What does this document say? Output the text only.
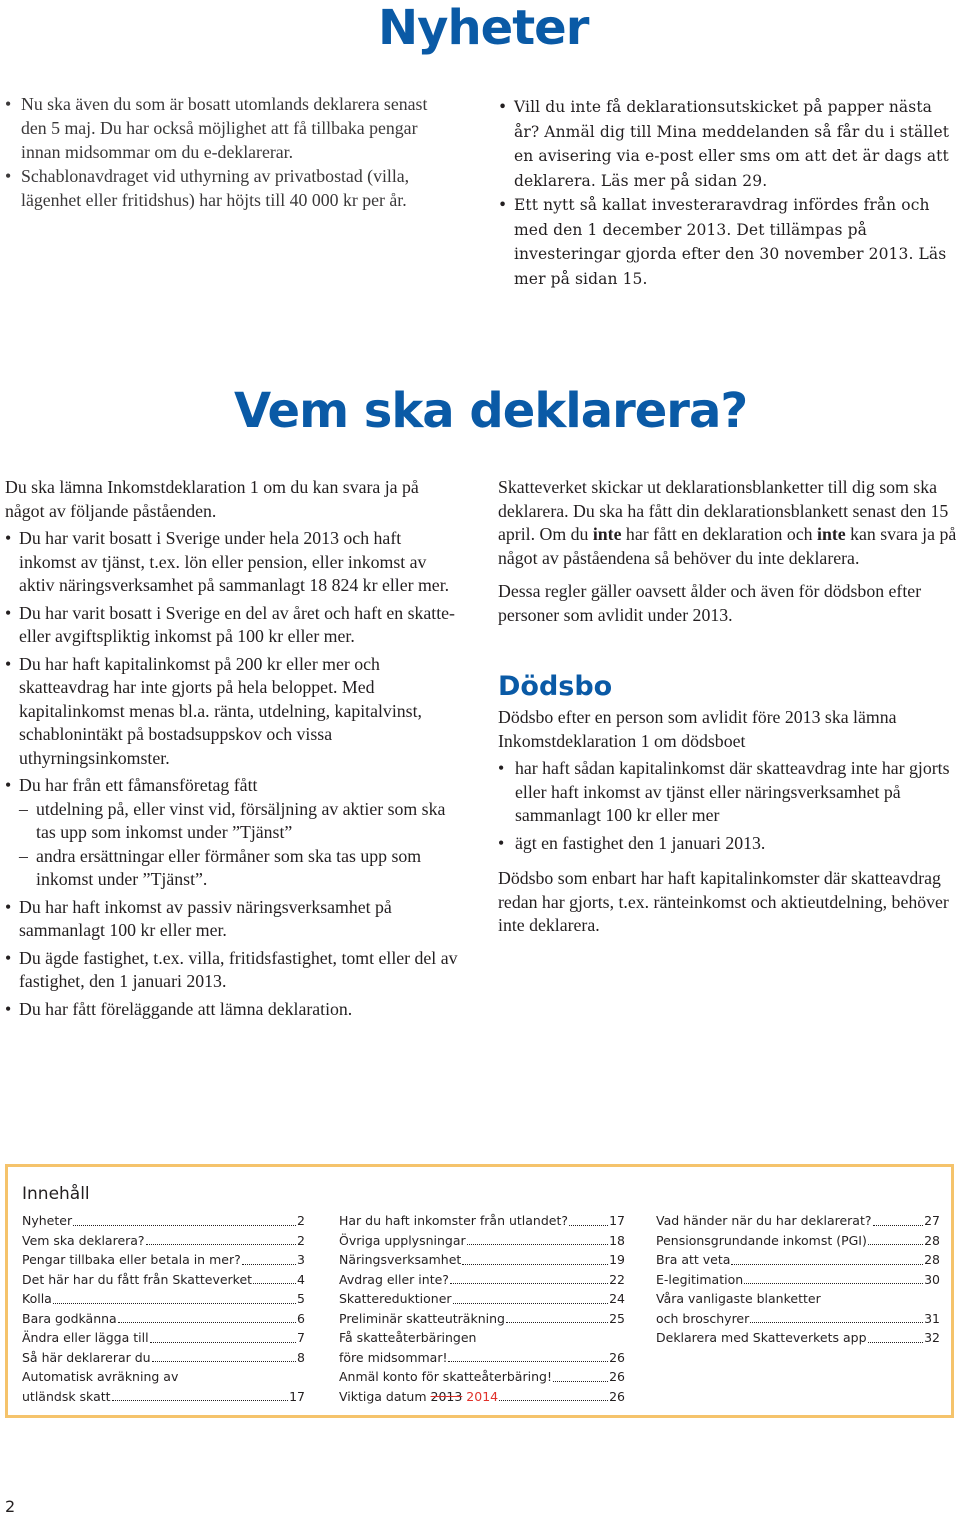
Nyheter
• Nu ska även du som är bosatt utomlands deklarera senast den 5 maj. Du har också möjlighet att få tillbaka pengar innan midsommar om du e-deklarerar.
• Schablonavdraget vid uthyrning av privatbostad (villa, lägenhet eller fritidshus) har höjts till 40 000 kr per år.
• Vill du inte få deklarationsutskicket på papper nästa år? Anmäl dig till Mina meddelanden så får du i stället en avisering via e-post eller sms om att det är dags att deklarera. Läs mer på sidan 29.
• Ett nytt så kallat investeraravdrag infördes från och med den 1 december 2013. Det tillämpas på investeringar gjorda efter den 30 november 2013. Läs mer på sidan 15.
Vem ska deklarera?

Du ska lämna Inkomstdeklaration 1 om du kan svara ja på något av följande påståenden.

• Du har varit bosatt i Sverige under hela 2013 och haft inkomst av tjänst, t.ex. lön eller pension, eller inkomst av aktiv näringsverksamhet på sammanlagt 18 824 kr eller mer.
• Du har varit bosatt i Sverige en del av året och haft en skatte- eller avgiftspliktig inkomst på 100 kr eller mer.
• Du har haft kapitalinkomst på 200 kr eller mer och skatteavdrag har inte gjorts på hela beloppet. Med kapitalinkomst menas bl.a. ränta, utdelning, kapitalvinst, schablonintäkt på bostadsuppskov och vissa uthyrningsinkomster.
• Du har från ett fåmansföretag fått
– utdelning på, eller vinst vid, försäljning av aktier som ska tas upp som inkomst under ”Tjänst”
– andra ersättningar eller förmåner som ska tas upp som inkomst under ”Tjänst”.
• Du har haft inkomst av passiv näringsverksamhet på sammanlagt 100 kr eller mer.
• Du ägde fastighet, t.ex. villa, fritidsfastighet, tomt eller del av fastighet, den 1 januari 2013.
• Du har fått föreläggande att lämna deklaration.

Skatteverket skickar ut deklarationsblanketter till dig som ska deklarera. Du ska ha fått din deklarationsblankett senast den 15 april. Om du inte har fått en deklaration och inte kan svara ja på något av påståendena så behöver du inte deklarera.

Dessa regler gäller oavsett ålder och även för dödsbon efter personer som avlidit under 2013.

Dödsbo

Dödsbo efter en person som avlidit före 2013 ska lämna Inkomstdeklaration 1 om dödsboet

• har haft sådan kapitalinkomst där skatteavdrag inte har gjorts eller haft inkomst av tjänst eller näringsverksamhet på sammanlagt 100 kr eller mer
• ägt en fastighet den 1 januari 2013.

Dödsbo som enbart har haft kapitalinkomster där skatteavdrag redan har gjorts, t.ex. ränteinkomst och aktieutdelning, behöver inte deklarera.

Innehåll
Nyheter	2
Vem ska deklarera?	2
Pengar tillbaka eller betala in mer?	3
Det här har du fått från Skatteverket	4
Kolla	5
Bara godkänna	6
Ändra eller lägga till	7
Så här deklarerar du	8
Automatisk avräkning av
utländsk skatt	17
Har du haft inkomster från utlandet?	17
Övriga upplysningar	18
Näringsverksamhet	19
Avdrag eller inte?	22
Skattereduktioner	24
Preliminär skatteuträkning	25
Få skatteåterbäringen
före midsommar!	26
Anmäl konto för skatteåterbäring!	26
Viktiga datum 2013 2014	26
Vad händer när du har deklarerat?	27
Pensionsgrundande inkomst (PGI)	28
Bra att veta	28
E-legitimation	30
Våra vanligaste blanketter
och broschyrer	31
Deklarera med Skatteverkets app	32
2
